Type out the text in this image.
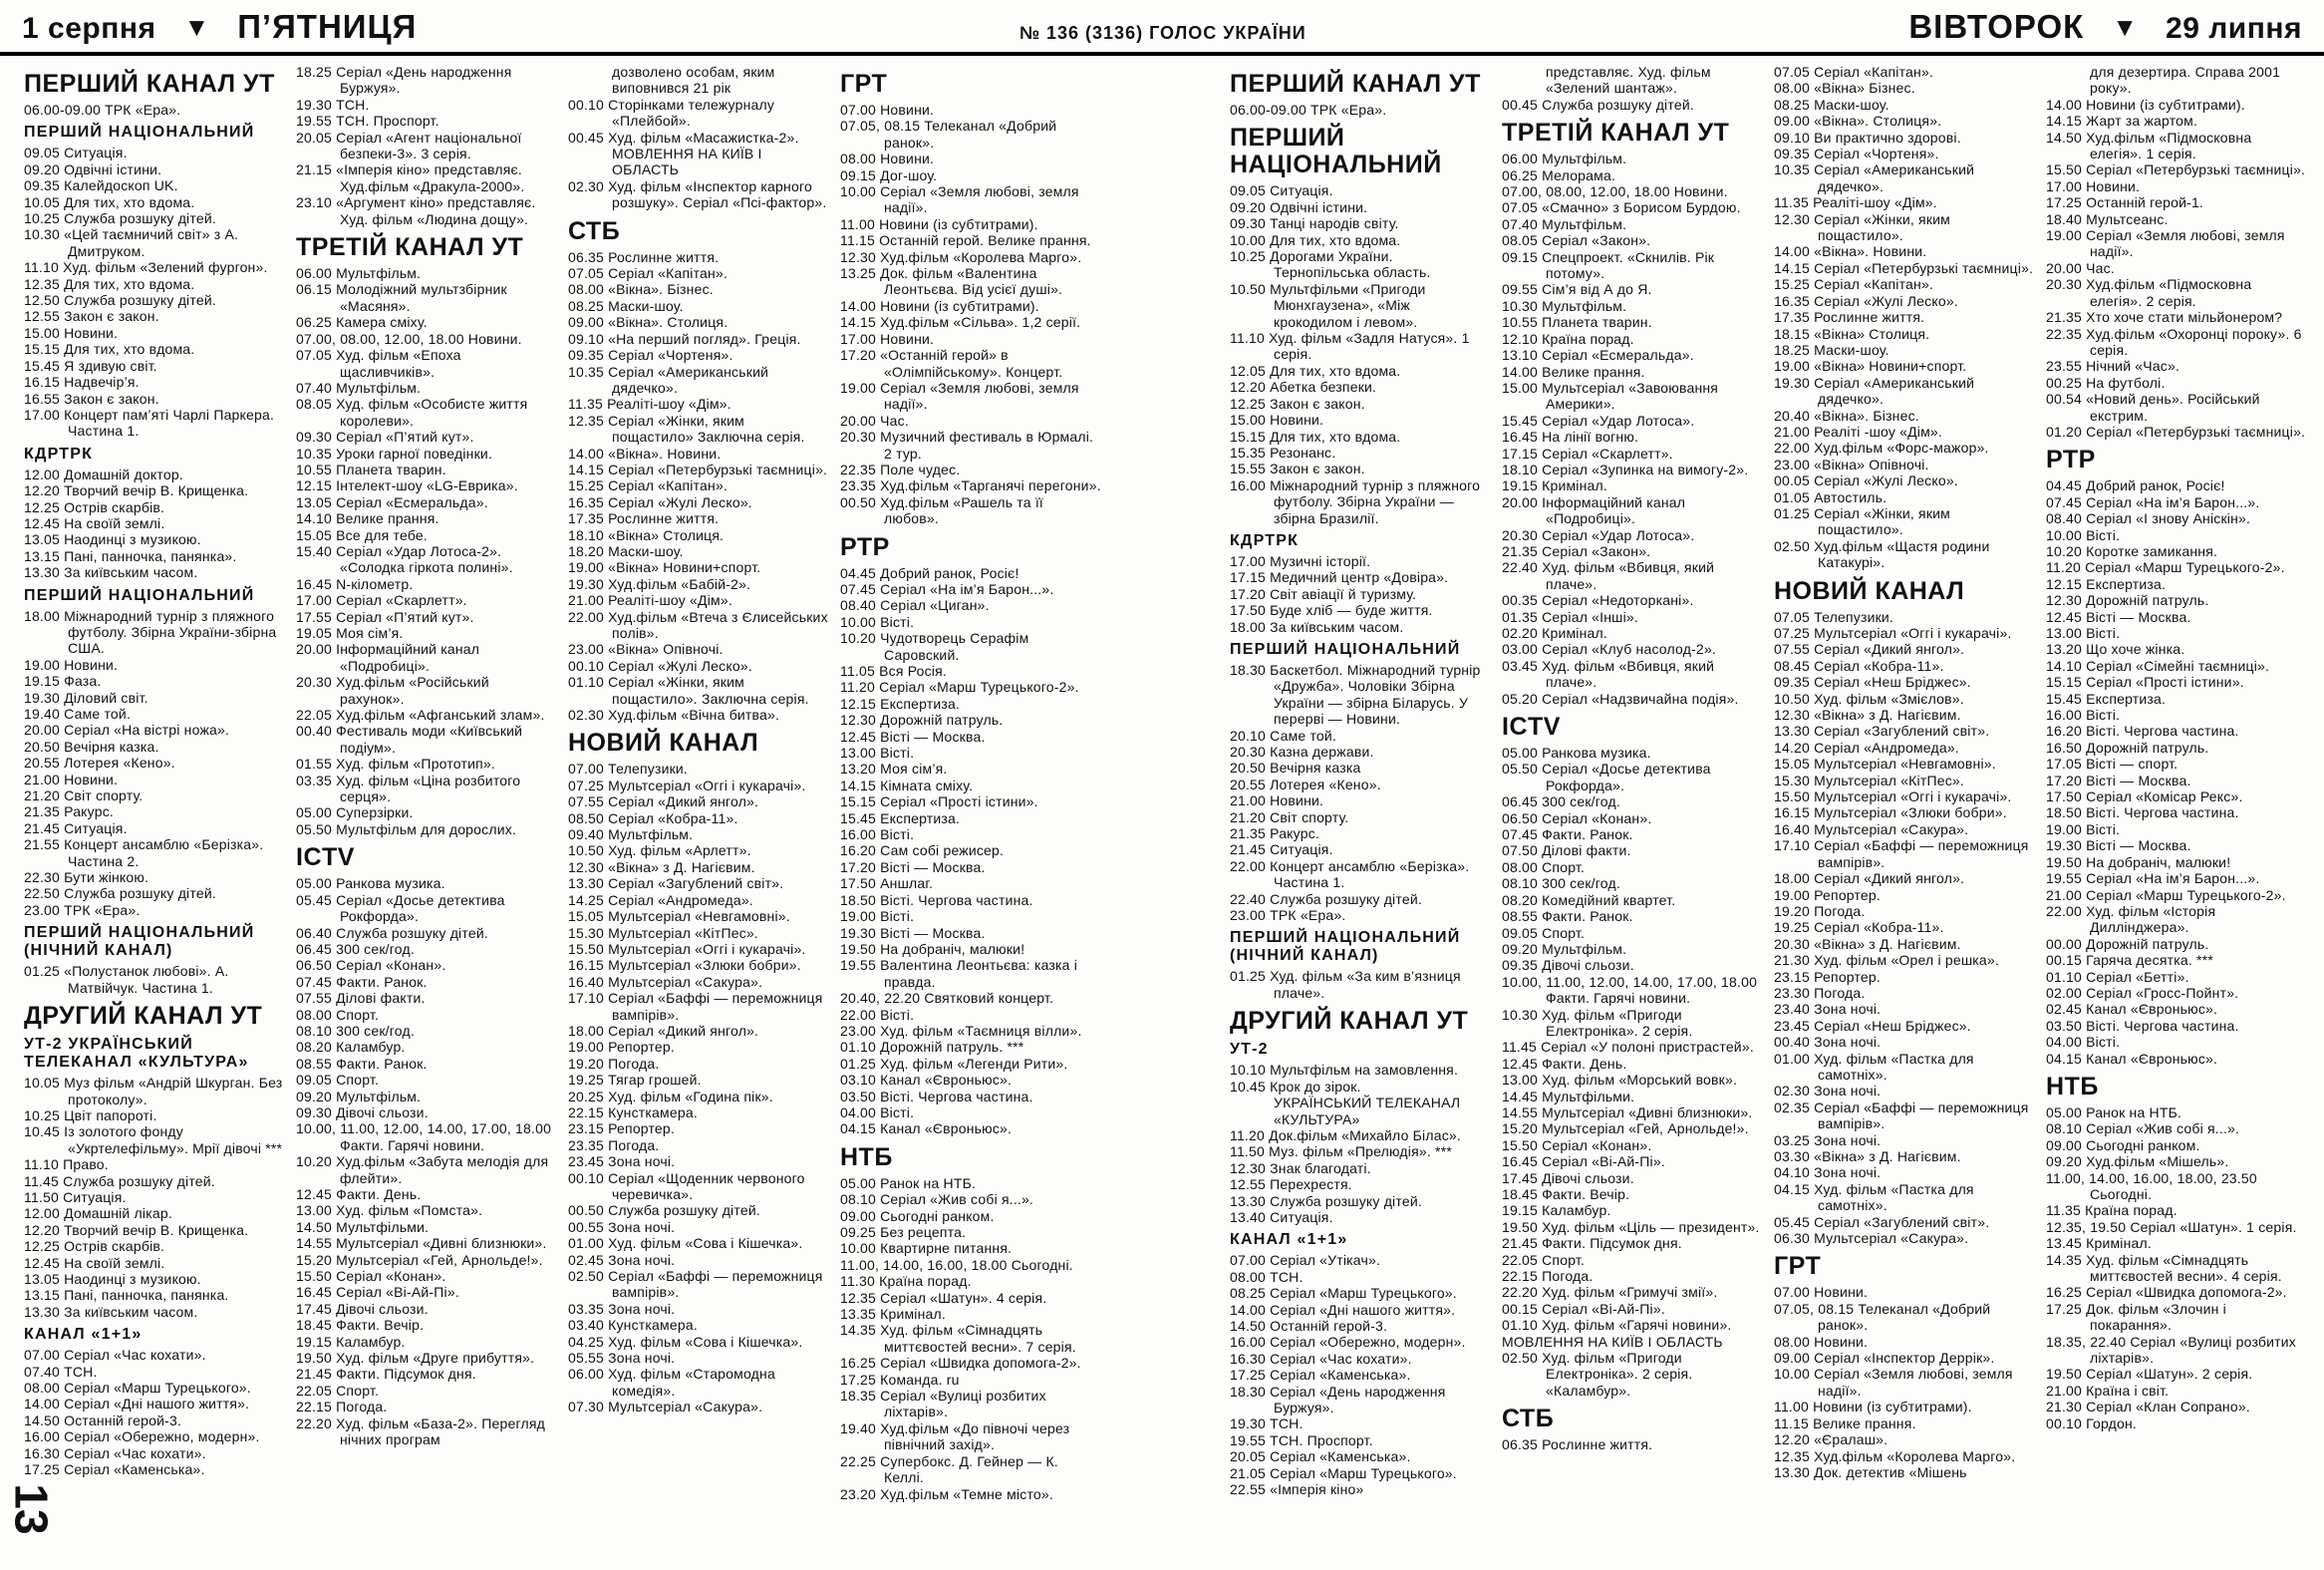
1 серпня ▼ П’ЯТНИЦЯ	№ 136 (3136) ГОЛОС УКРАЇНИ	ВІВТОРОК ▼ 29 липня
ПЕРШИЙ КАНАЛ УТ
06.00-09.00 ТРК «Ера».
ПЕРШИЙ НАЦІОНАЛЬНИЙ
09.05 Ситуація.
09.20 Одвічні істини.
09.35 Калейдоскоп UK.
10.05 Для тих, хто вдома.
10.25 Служба розшуку дітей.
10.30 «Цей таємничий світ» з А. Дмитруком.
11.10 Худ. фільм «Зелений фургон».
12.35 Для тих, хто вдома.
12.50 Служба розшуку дітей.
12.55 Закон є закон.
15.00 Новини.
15.15 Для тих, хто вдома.
15.45 Я здивую світ.
16.15 Надвечір’я.
16.55 Закон є закон.
17.00 Концерт пам’яті Чарлі Паркера. Частина 1.
КДРТРК
12.00 Домашній доктор.
12.20 Творчий вечір В. Крищенка.
12.25 Острів скарбів.
12.45 На своїй землі.
13.05 Наодинці з музикою.
13.15 Пані, панночка, панянка».
13.30 За київським часом.
ПЕРШИЙ НАЦІОНАЛЬНИЙ
18.00 Міжнародний турнір з пляжного футболу. Збірна України-збірна США.
19.00 Новини.
19.15 Фаза.
19.30 Діловий світ.
19.40 Саме той.
20.00 Серіал «На вістрі ножа».
20.50 Вечірня казка.
20.55 Лотерея «Кено».
21.00 Новини.
21.20 Світ спорту.
21.35 Ракурс.
21.45 Ситуація.
21.55 Концерт ансамблю «Берізка». Частина 2.
22.30 Бути жінкою.
22.50 Служба розшуку дітей.
23.00 ТРК «Ера».
ПЕРШИЙ НАЦІОНАЛЬНИЙ (НІЧНИЙ КАНАЛ)
01.25 «Полустанок любові». А. Матвійчук. Частина 1.
ДРУГИЙ КАНАЛ УТ
УТ-2 УКРАЇНСЬКИЙ ТЕЛЕКАНАЛ «КУЛЬТУРА»
10.05 Муз фільм «Андрій Шкурган. Без протоколу».
10.25 Цвіт папороті.
10.45 Із золотого фонду «Укртелефільму». Мрії дівочі ***
11.10 Право.
11.45 Служба розшуку дітей.
11.50 Ситуація.
12.00 Домашній лікар.
12.20 Творчий вечір В. Крищенка.
12.25 Острів скарбів.
12.45 На своїй землі.
13.05 Наодинці з музикою.
13.15 Пані, панночка, панянка.
13.30 За київським часом.
КАНАЛ «1+1»
07.00 Серіал «Час кохати».
07.40 ТСН.
08.00 Серіал «Марш Турецького».
14.00 Серіал «Дні нашого життя».
14.50 Останній герой-3.
16.00 Серіал «Обережно, модерн».
16.30 Серіал «Час кохати».
17.25 Серіал «Каменська».
18.25 Серіал «День народження Буржуя».
19.30 ТСН.
19.55 ТСН. Проспорт.
20.05 Серіал «Агент національної безпеки-3». 3 серія.
21.15 «Імперія кіно» представляє. Худ.фільм «Дракула-2000».
23.10 «Аргумент кіно» представляє. Худ. фільм «Людина дощу».
ТРЕТІЙ КАНАЛ УТ
06.00 Мультфільм.
06.15 Молодіжний мультзбірник «Масяня».
06.25 Камера сміху.
07.00, 08.00, 12.00, 18.00 Новини.
07.05 Худ. фільм «Епоха щасливчиків».
07.40 Мультфільм.
08.05 Худ. фільм «Особисте життя королеви».
09.30 Серіал «П’ятий кут».
10.35 Уроки гарної поведінки.
10.55 Планета тварин.
12.15 Інтелект-шоу «LG-Еврика».
13.05 Серіал «Есмеральда».
14.10 Велике прання.
15.05 Все для тебе.
15.40 Серіал «Удар Лотоса-2». «Солодка гіркота полині».
16.45 N-кілометр.
17.00 Серіал «Скарлетт».
17.55 Серіал «П’ятий кут».
19.05 Моя сім’я.
20.00 Інформаційний канал «Подробиці».
20.30 Худ.фільм «Російський рахунок».
22.05 Худ.фільм «Афганський злам».
00.40 Фестиваль моди «Київський подіум».
01.55 Худ. фільм «Прототип».
03.35 Худ. фільм «Ціна розбитого серця».
05.00 Суперзірки.
05.50 Мультфільм для дорослих.
ICTV
05.00 Ранкова музика.
05.45 Серіал «Досье детектива Рокфорда».
06.40 Служба розшуку дітей.
06.45 300 сек/год.
06.50 Серіал «Конан».
07.45 Факти. Ранок.
07.55 Ділові факти.
08.00 Спорт.
08.10 300 сек/год.
08.20 Каламбур.
08.55 Факти. Ранок.
09.05 Спорт.
09.20 Мультфільм.
09.30 Дівочі сльози.
10.00, 11.00, 12.00, 14.00, 17.00, 18.00 Факти. Гарячі новини.
10.20 Худ.фільм «Забута мелодія для флейти».
12.45 Факти. День.
13.00 Худ. фільм «Помста».
14.50 Мультфільми.
14.55 Мультсеріал «Дивні близнюки».
15.20 Мультсеріал «Гей, Арнольде!».
15.50 Серіал «Конан».
16.45 Серіал «Ві-Ай-Пі».
17.45 Дівочі сльози.
18.45 Факти. Вечір.
19.15 Каламбур.
19.50 Худ. фільм «Друге прибуття».
21.45 Факти. Підсумок дня.
22.05 Спорт.
22.15 Погода.
22.20 Худ. фільм «База-2». Перегляд нічних програм
дозволено особам, яким виповнився 21 рік
00.10 Сторінками тележурналу «Плейбой».
00.45 Худ. фільм «Масажистка-2».
МОВЛЕННЯ НА КИЇВ І ОБЛАСТЬ
02.30 Худ. фільм «Інспектор карного розшуку». Серіал «Псі-фактор».
СТБ
06.35 Рослинне життя.
07.05 Серіал «Капітан».
08.00 «Вікна». Бізнес.
08.25 Маски-шоу.
09.00 «Вікна». Столиця.
09.10 «На перший погляд». Греція.
09.35 Серіал «Чортеня».
10.35 Серіал «Американський дядечко».
11.35 Реаліті-шоу «Дім».
12.35 Серіал «Жінки, яким пощастило» Заключна серія.
14.00 «Вікна». Новини.
14.15 Серіал «Петербурзькі таємниці».
15.25 Серіал «Капітан».
16.35 Серіал «Жулі Леско».
17.35 Рослинне життя.
18.10 «Вікна» Столиця.
18.20 Маски-шоу.
19.00 «Вікна» Новини+спорт.
19.30 Худ.фільм «Бабій-2».
21.00 Реаліті-шоу «Дім».
22.00 Худ.фільм «Втеча з Єлисейських полів».
23.00 «Вікна» Опівночі.
00.10 Серіал «Жулі Леско».
01.10 Серіал «Жінки, яким пощастило». Заключна серія.
02.30 Худ.фільм «Вічна битва».
НОВИЙ КАНАЛ
07.00 Телепузики.
07.25 Мультсеріал «Оггі і кукарачі».
07.55 Серіал «Дикий янгол».
08.50 Серіал «Кобра-11».
09.40 Мультфільм.
10.50 Худ. фільм «Арлетт».
12.30 «Вікна» з Д. Нагієвим.
13.30 Серіал «Загублений світ».
14.25 Серіал «Андромеда».
15.05 Мультсеріал «Невгамовні».
15.30 Мультсеріал «КітПес».
15.50 Мультсеріал «Оггі і кукарачі».
16.15 Мультсеріал «Злюки бобри».
16.40 Мультсеріал «Сакура».
17.10 Серіал «Баффі — переможниця вампірів».
18.00 Серіал «Дикий янгол».
19.00 Репортер.
19.20 Погода.
19.25 Тягар грошей.
20.25 Худ. фільм «Година пік».
22.15 Кунсткамера.
23.15 Репортер.
23.35 Погода.
23.45 Зона ночі.
00.10 Серіал «Щоденник червоного черевичка».
00.50 Служба розшуку дітей.
00.55 Зона ночі.
01.00 Худ. фільм «Сова і Кішечка».
02.45 Зона ночі.
02.50 Серіал «Баффі — переможниця вампірів».
03.35 Зона ночі.
03.40 Кунсткамера.
04.25 Худ. фільм «Сова і Кішечка».
05.55 Зона ночі.
06.00 Худ. фільм «Старомодна комедія».
07.30 Мультсеріал «Сакура».
ГРТ
07.00 Новини.
07.05, 08.15 Телеканал «Добрий ранок».
08.00 Новини.
09.15 Дог-шоу.
10.00 Серіал «Земля любові, земля надії».
11.00 Новини (із субтитрами).
11.15 Останній герой. Велике прання.
12.30 Худ.фільм «Королева Марго».
13.25 Док. фільм «Валентина Леонтьєва. Від усієї душі».
14.00 Новини (із субтитрами).
14.15 Худ.фільм «Сільва». 1,2 серії.
17.00 Новини.
17.20 «Останній герой» в «Олімпійському». Концерт.
19.00 Серіал «Земля любові, земля надії».
20.00 Час.
20.30 Музичний фестиваль в Юрмалі. 2 тур.
22.35 Поле чудес.
23.35 Худ.фільм «Тарганячі перегони».
00.50 Худ.фільм «Рашель та її любов».
РТР
04.45 Добрий ранок, Росіє!
07.45 Серіал «На ім’я Барон...».
08.40 Серіал «Циган».
10.00 Вісті.
10.20 Чудотворець Серафім Саровский.
11.05 Вся Росія.
11.20 Серіал «Марш Турецького-2».
12.15 Експертиза.
12.30 Дорожній патруль.
12.45 Вісті — Москва.
13.00 Вісті.
13.20 Моя сім’я.
14.15 Кімната сміху.
15.15 Серіал «Прості істини».
15.45 Експертиза.
16.00 Вісті.
16.20 Сам собі режисер.
17.20 Вісті — Москва.
17.50 Аншлаг.
18.50 Вісті. Чергова частина.
19.00 Вісті.
19.30 Вісті — Москва.
19.50 На добраніч, малюки!
19.55 Валентина Леонтьєва: казка і правда.
20.40, 22.20 Святковий концерт.
22.00 Вісті.
23.00 Худ. фільм «Таємниця вілли».
01.10 Дорожній патруль. ***
01.25 Худ. фільм «Легенди Рити».
03.10 Канал «Євроньюс».
03.50 Вісті. Чергова частина.
04.00 Вісті.
04.15 Канал «Євроньюс».
НТБ
05.00 Ранок на НТБ.
08.10 Серіал «Жив собі я...».
09.00 Сьогодні ранком.
09.25 Без рецепта.
10.00 Квартирне питання.
11.00, 14.00, 16.00, 18.00 Сьогодні.
11.30 Країна порад.
12.35 Серіал «Шатун». 4 серія.
13.35 Кримінал.
14.35 Худ. фільм «Сімнадцять миттєвостей весни». 7 серія.
16.25 Серіал «Швидка допомога-2».
17.25 Команда. ru
18.35 Серіал «Вулиці розбитих ліхтарів».
19.40 Худ.фільм «До півночі через північний захід».
22.25 Супербокс. Д. Гейнер — К. Келлі.
23.20 Худ.фільм «Темне місто».
ПЕРШИЙ КАНАЛ УТ
06.00-09.00 ТРК «Ера».
ПЕРШИЙ НАЦІОНАЛЬНИЙ
09.05 Ситуація.
09.20 Одвічні істини.
09.30 Танці народів світу.
10.00 Для тих, хто вдома.
10.25 Дорогами України. Тернопільська область.
10.50 Мультфільми «Пригоди Мюнхгаузена», «Між крокодилом і левом».
11.10 Худ. фільм «Задля Натуся». 1 серія.
12.05 Для тих, хто вдома.
12.20 Абетка безпеки.
12.25 Закон є закон.
15.00 Новини.
15.15 Для тих, хто вдома.
15.35 Резонанс.
15.55 Закон є закон.
16.00 Міжнародний турнір з пляжного футболу. Збірна України — збірна Бразилії.
КДРТРК
17.00 Музичні історії.
17.15 Медичний центр «Довіра».
17.20 Світ авіації й туризму.
17.50 Буде хліб — буде життя.
18.00 За київським часом.
ПЕРШИЙ НАЦІОНАЛЬНИЙ
18.30 Баскетбол. Міжнародний турнір «Дружба». Чоловіки Збірна України — збірна Біларусь. У перерві — Новини.
20.10 Саме той.
20.30 Казна держави.
20.50 Вечірня казка
20.55 Лотерея «Кено».
21.00 Новини.
21.20 Світ спорту.
21.35 Ракурс.
21.45 Ситуація.
22.00 Концерт ансамблю «Берізка». Частина 1.
22.40 Служба розшуку дітей.
23.00 ТРК «Ера».
ПЕРШИЙ НАЦІОНАЛЬНИЙ (НІЧНИЙ КАНАЛ)
01.25 Худ. фільм «За ким в’язниця плаче».
ДРУГИЙ КАНАЛ УТ
УТ-2
10.10 Мультфільм на замовлення.
10.45 Крок до зірок.
УКРАЇНСЬКИЙ ТЕЛЕКАНАЛ «КУЛЬТУРА»
11.20 Док.фільм «Михайло Білас».
11.50 Муз. фільм «Прелюдія». ***
12.30 Знак благодаті.
12.55 Перехрестя.
13.30 Служба розшуку дітей.
13.40 Ситуація.
КАНАЛ «1+1»
07.00 Серіал «Утікач».
08.00 ТСН.
08.25 Серіал «Марш Турецького».
14.00 Серіал «Дні нашого життя».
14.50 Останній герой-3.
16.00 Серіал «Обережно, модерн».
16.30 Серіал «Час кохати».
17.25 Серіал «Каменська».
18.30 Серіал «День народження Буржуя».
19.30 ТСН.
19.55 ТСН. Проспорт.
20.05 Серіал «Каменська».
21.05 Серіал «Марш Турецького».
22.55 «Імперія кіно»
представляє. Худ. фільм «Зелений шантаж».
00.45 Служба розшуку дітей.
ТРЕТІЙ КАНАЛ УТ
06.00 Мультфільм.
06.25 Мелорама.
07.00, 08.00, 12.00, 18.00 Новини.
07.05 «Смачно» з Борисом Бурдою.
07.40 Мультфільм.
08.05 Серіал «Закон».
09.15 Спецпроект. «Скнилів. Рік потому».
09.55 Сім’я від А до Я.
10.30 Мультфільм.
10.55 Планета тварин.
12.10 Країна порад.
13.10 Серіал «Есмеральда».
14.00 Велике прання.
15.00 Мультсеріал «Завоювання Америки».
15.45 Серіал «Удар Лотоса».
16.45 На лінії вогню.
17.15 Серіал «Скарлетт».
18.10 Серіал «Зупинка на вимогу-2».
19.15 Кримінал.
20.00 Інформаційний канал «Подробиці».
20.30 Серіал «Удар Лотоса».
21.35 Серіал «Закон».
22.40 Худ. фільм «Вбивця, який плаче».
00.35 Серіал «Недоторкані».
01.35 Серіал «Інші».
02.20 Кримінал.
03.00 Серіал «Клуб насолод-2».
03.45 Худ. фільм «Вбивця, який плаче».
05.20 Серіал «Надзвичайна подія».
ICTV
05.00 Ранкова музика.
05.50 Серіал «Досье детектива Рокфорда».
06.45 300 сек/год.
06.50 Серіал «Конан».
07.45 Факти. Ранок.
07.50 Ділові факти.
08.00 Спорт.
08.10 300 сек/год.
08.20 Комедійний квартет.
08.55 Факти. Ранок.
09.05 Спорт.
09.20 Мультфільм.
09.35 Дівочі сльози.
10.00, 11.00, 12.00, 14.00, 17.00, 18.00 Факти. Гарячі новини.
10.30 Худ. фільм «Пригоди Електроніка». 2 серія.
11.45 Серіал «У полоні пристрастей».
12.45 Факти. День.
13.00 Худ. фільм «Морський вовк».
14.45 Мультфільми.
14.55 Мультсеріал «Дивні близнюки».
15.20 Мультсеріал «Гей, Арнольде!».
15.50 Серіал «Конан».
16.45 Серіал «Ві-Ай-Пі».
17.45 Дівочі сльози.
18.45 Факти. Вечір.
19.15 Каламбур.
19.50 Худ. фільм «Ціль — президент».
21.45 Факти. Підсумок дня.
22.05 Спорт.
22.15 Погода.
22.20 Худ. фільм «Гримучі змії».
00.15 Серіал «Ві-Ай-Пі».
01.10 Худ. фільм «Гарячі новини».
МОВЛЕННЯ НА КИЇВ І ОБЛАСТЬ
02.50 Худ. фільм «Пригоди Електроніка». 2 серія. «Каламбур».
СТБ
06.35 Рослинне життя.
07.05 Серіал «Капітан».
08.00 «Вікна» Бізнес.
08.25 Маски-шоу.
09.00 «Вікна». Столиця».
09.10 Ви практично здорові.
09.35 Серіал «Чортеня».
10.35 Серіал «Американський дядечко».
11.35 Реаліті-шоу «Дім».
12.30 Серіал «Жінки, яким пощастило».
14.00 «Вікна». Новини.
14.15 Серіал «Петербурзькі таємниці».
15.25 Серіал «Капітан».
16.35 Серіал «Жулі Леско».
17.35 Рослинне життя.
18.15 «Вікна» Столиця.
18.25 Маски-шоу.
19.00 «Вікна» Новини+спорт.
19.30 Серіал «Американський дядечко».
20.40 «Вікна». Бізнес.
21.00 Реаліті -шоу «Дім».
22.00 Худ.фільм «Форс-мажор».
23.00 «Вікна» Опівночі.
00.05 Серіал «Жулі Леско».
01.05 Автостиль.
01.25 Серіал «Жінки, яким пощастило».
02.50 Худ.фільм «Щастя родини Катакурі».
НОВИЙ КАНАЛ
07.05 Телепузики.
07.25 Мультсеріал «Оггі і кукарачі».
07.55 Серіал «Дикий янгол».
08.45 Серіал «Кобра-11».
09.35 Серіал «Неш Бріджес».
10.50 Худ. фільм «Змієлов».
12.30 «Вікна» з Д. Нагієвим.
13.30 Серіал «Загублений світ».
14.20 Серіал «Андромеда».
15.05 Мультсеріал «Невгамовні».
15.30 Мультсеріал «КітПес».
15.50 Мультсеріал «Оггі і кукарачі».
16.15 Мультсеріал «Злюки бобри».
16.40 Мультсеріал «Сакура».
17.10 Серіал «Баффі — переможниця вампірів».
18.00 Серіал «Дикий янгол».
19.00 Репортер.
19.20 Погода.
19.25 Серіал «Кобра-11».
20.30 «Вікна» з Д. Нагієвим.
21.30 Худ. фільм «Орел і решка».
23.15 Репортер.
23.30 Погода.
23.40 Зона ночі.
23.45 Серіал «Неш Бріджес».
00.40 Зона ночі.
01.00 Худ. фільм «Пастка для самотніх».
02.30 Зона ночі.
02.35 Серіал «Баффі — переможниця вампірів».
03.25 Зона ночі.
03.30 «Вікна» з Д. Нагієвим.
04.10 Зона ночі.
04.15 Худ. фільм «Пастка для самотніх».
05.45 Серіал «Загублений світ».
06.30 Мультсеріал «Сакура».
ГРТ
07.00 Новини.
07.05, 08.15 Телеканал «Добрий ранок».
08.00 Новини.
09.00 Серіал «Інспектор Деррік».
10.00 Серіал «Земля любові, земля надії».
11.00 Новини (із субтитрами).
11.15 Велике прання.
12.20 «Єралаш».
12.35 Худ.фільм «Королева Марго».
13.30 Док. детектив «Мішень
для дезертира. Справа 2001 року».
14.00 Новини (із субтитрами).
14.15 Жарт за жартом.
14.50 Худ.фільм «Підмосковна елегія». 1 серія.
15.50 Серіал «Петербурзькі таємниці».
17.00 Новини.
17.25 Останній герой-1.
18.40 Мультсеанс.
19.00 Серіал «Земля любові, земля надії».
20.00 Час.
20.30 Худ.фільм «Підмосковна елегія». 2 серія.
21.35 Хто хоче стати мільйонером?
22.35 Худ.фільм «Охоронці пороку». 6 серія.
23.55 Нічний «Час».
00.25 На футболі.
00.54 «Новий день». Російський екстрим.
01.20 Серіал «Петербурзькі таємниці».
РТР
04.45 Добрий ранок, Росіє!
07.45 Серіал «На ім’я Барон...».
08.40 Серіал «І знову Аніскін».
10.00 Вісті.
10.20 Коротке замикання.
11.20 Серіал «Марш Турецького-2».
12.15 Експертиза.
12.30 Дорожній патруль.
12.45 Вісті — Москва.
13.00 Вісті.
13.20 Що хоче жінка.
14.10 Серіал «Сімейні таємниці».
15.15 Серіал «Прості істини».
15.45 Експертиза.
16.00 Вісті.
16.20 Вісті. Чергова частина.
16.50 Дорожній патруль.
17.05 Вісті — спорт.
17.20 Вісті — Москва.
17.50 Серіал «Комісар Рекс».
18.50 Вісті. Чергова частина.
19.00 Вісті.
19.30 Вісті — Москва.
19.50 На добраніч, малюки!
19.55 Серіал «На ім’я Барон...».
21.00 Серіал «Марш Турецького-2».
22.00 Худ. фільм «Історія Диллінджера».
00.00 Дорожній патруль.
00.15 Гаряча десятка. ***
01.10 Серіал «Бетті».
02.00 Серіал «Гросс-Пойнт».
02.45 Канал «Євроньюс».
03.50 Вісті. Чергова частина.
04.00 Вісті.
04.15 Канал «Євроньюс».
НТБ
05.00 Ранок на НТБ.
08.10 Серіал «Жив собі я...».
09.00 Сьогодні ранком.
09.20 Худ.фільм «Мішель».
11.00, 14.00, 16.00, 18.00, 23.50 Сьогодні.
11.35 Країна порад.
12.35, 19.50 Серіал «Шатун». 1 серія.
13.45 Кримінал.
14.35 Худ. фільм «Сімнадцять миттєвостей весни». 4 серія.
16.25 Серіал «Швидка допомога-2».
17.25 Док. фільм «Злочин і покарання».
18.35, 22.40 Серіал «Вулиці розбитих ліхтарів».
19.50 Серіал «Шатун». 2 серія.
21.00 Країна і світ.
21.30 Серіал «Клан Сопрано».
00.10 Гордон.
13
